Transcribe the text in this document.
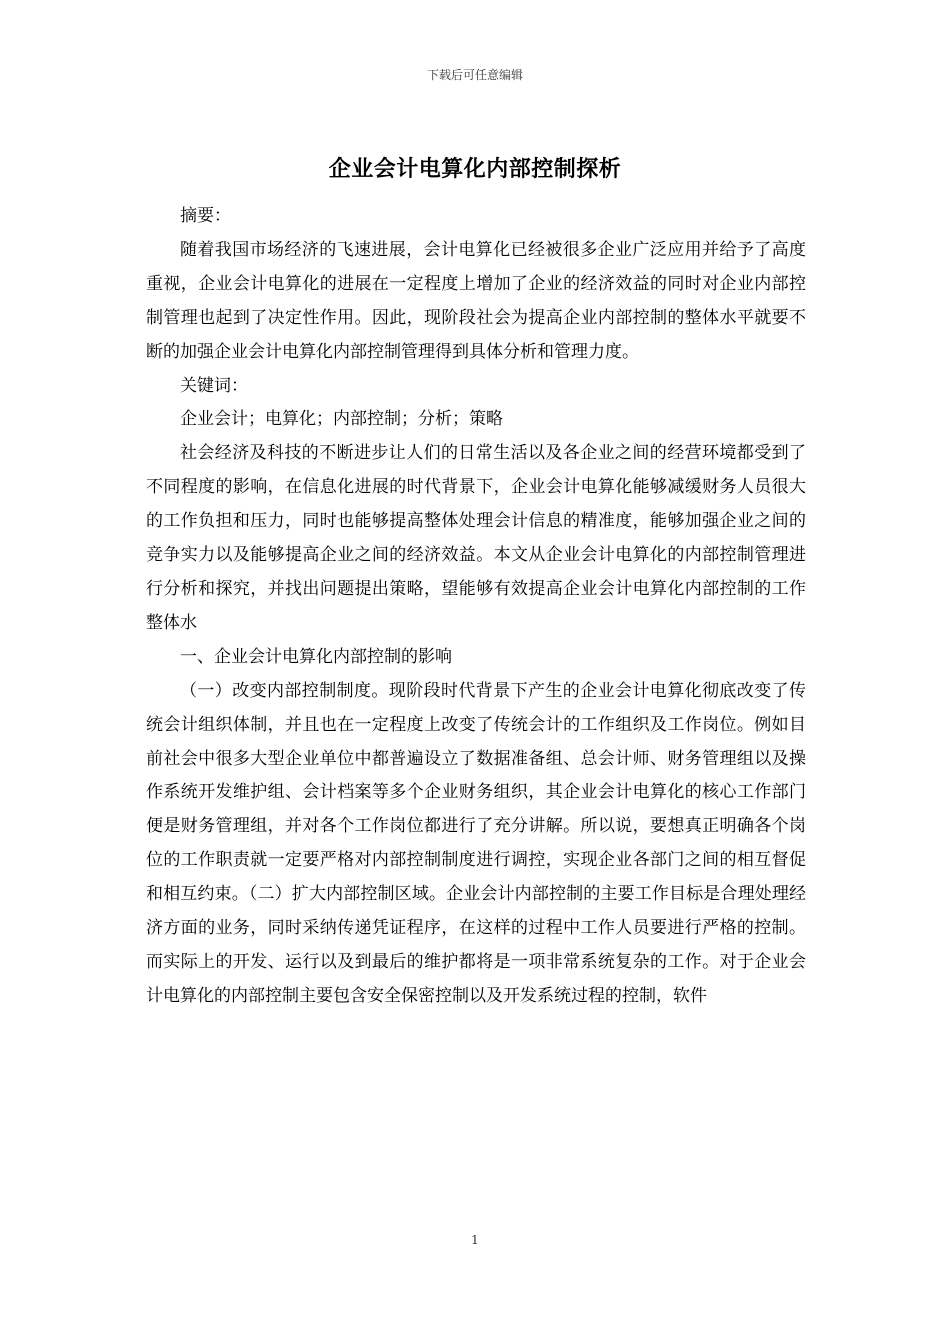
下载后可任意编辑
企业会计电算化内部控制探析

摘要：

随着我国市场经济的飞速进展，会计电算化已经被很多企业广泛应用并给予了高度重视，企业会计电算化的进展在一定程度上增加了企业的经济效益的同时对企业内部控制管理也起到了决定性作用。因此，现阶段社会为提高企业内部控制的整体水平就要不断的加强企业会计电算化内部控制管理得到具体分析和管理力度。

关键词：

企业会计；电算化；内部控制；分析；策略

社会经济及科技的不断进步让人们的日常生活以及各企业之间的经营环境都受到了不同程度的影响，在信息化进展的时代背景下，企业会计电算化能够减缓财务人员很大的工作负担和压力，同时也能够提高整体处理会计信息的精准度，能够加强企业之间的竞争实力以及能够提高企业之间的经济效益。本文从企业会计电算化的内部控制管理进行分析和探究，并找出问题提出策略，望能够有效提高企业会计电算化内部控制的工作整体水

一、企业会计电算化内部控制的影响

（一）改变内部控制制度。现阶段时代背景下产生的企业会计电算化彻底改变了传统会计组织体制，并且也在一定程度上改变了传统会计的工作组织及工作岗位。例如目前社会中很多大型企业单位中都普遍设立了数据准备组、总会计师、财务管理组以及操作系统开发维护组、会计档案等多个企业财务组织，其企业会计电算化的核心工作部门便是财务管理组，并对各个工作岗位都进行了充分讲解。所以说，要想真正明确各个岗位的工作职责就一定要严格对内部控制制度进行调控，实现企业各部门之间的相互督促和相互约束。（二）扩大内部控制区域。企业会计内部控制的主要工作目标是合理处理经济方面的业务，同时采纳传递凭证程序，在这样的过程中工作人员要进行严格的控制。而实际上的开发、运行以及到最后的维护都将是一项非常系统复杂的工作。对于企业会计电算化的内部控制主要包含安全保密控制以及开发系统过程的控制，软件

1
